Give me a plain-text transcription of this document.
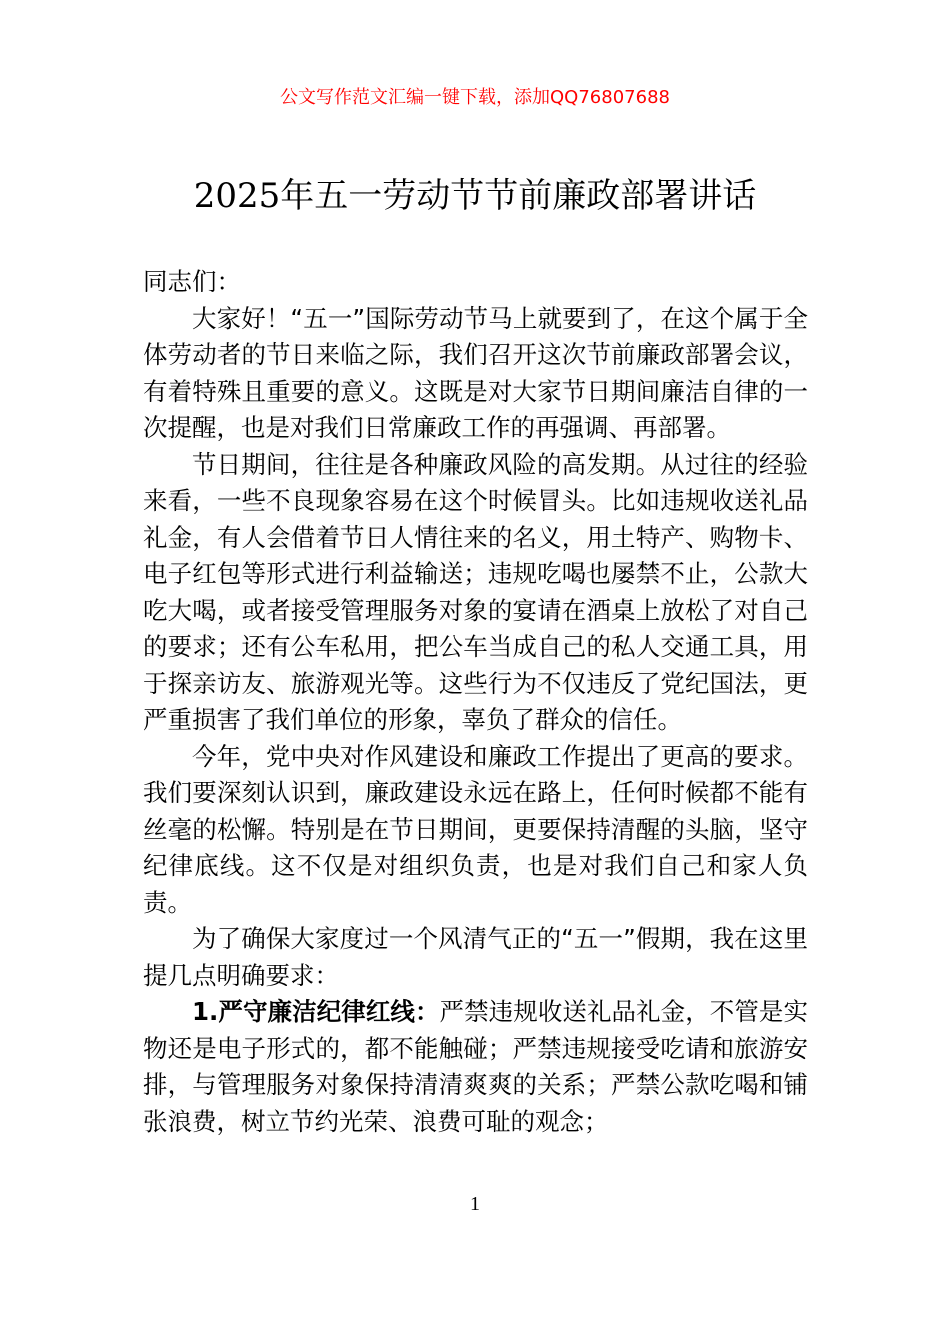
公文写作范文汇编一键下载，添加QQ76807688
2025年五一劳动节节前廉政部署讲话

同志们：

大家好！“五一”国际劳动节马上就要到了，在这个属于全体劳动者的节日来临之际，我们召开这次节前廉政部署会议，有着特殊且重要的意义。这既是对大家节日期间廉洁自律的一次提醒，也是对我们日常廉政工作的再强调、再部署。

节日期间，往往是各种廉政风险的高发期。从过往的经验来看，一些不良现象容易在这个时候冒头。比如违规收送礼品礼金，有人会借着节日人情往来的名义，用土特产、购物卡、电子红包等形式进行利益输送；违规吃喝也屡禁不止，公款大吃大喝，或者接受管理服务对象的宴请在酒桌上放松了对自己的要求；还有公车私用，把公车当成自己的私人交通工具，用于探亲访友、旅游观光等。这些行为不仅违反了党纪国法，更严重损害了我们单位的形象，辜负了群众的信任。

今年，党中央对作风建设和廉政工作提出了更高的要求。我们要深刻认识到，廉政建设永远在路上，任何时候都不能有丝毫的松懈。特别是在节日期间，更要保持清醒的头脑，坚守纪律底线。这不仅是对组织负责，也是对我们自己和家人负责。

为了确保大家度过一个风清气正的“五一”假期，我在这里提几点明确要求：

1.严守廉洁纪律红线：严禁违规收送礼品礼金，不管是实物还是电子形式的，都不能触碰；严禁违规接受吃请和旅游安排，与管理服务对象保持清清爽爽的关系；严禁公款吃喝和铺张浪费，树立节约光荣、浪费可耻的观念；

1
